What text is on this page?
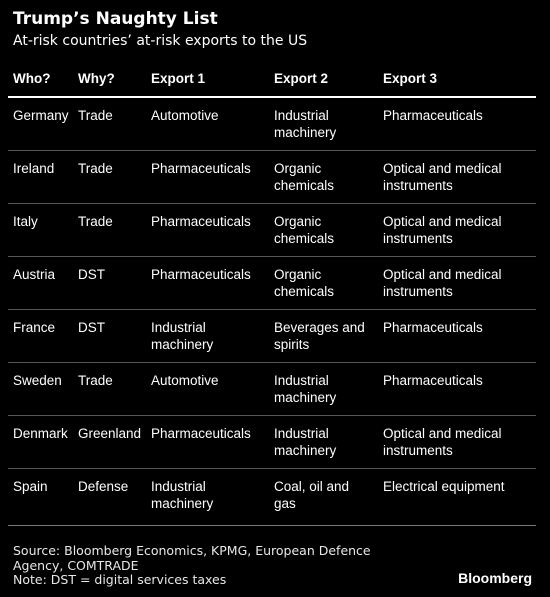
Trump’s Naughty List
At-risk countries’ at-risk exports to the US
Who?	Why?	Export 1	Export 2	Export 3
Germany	Trade	Automotive	Industrial machinery	Pharmaceuticals
Ireland	Trade	Pharmaceuticals	Organic chemicals	Optical and medical instruments
Italy	Trade	Pharmaceuticals	Organic chemicals	Optical and medical instruments
Austria	DST	Pharmaceuticals	Organic chemicals	Optical and medical instruments
France	DST	Industrial machinery	Beverages and spirits	Pharmaceuticals
Sweden	Trade	Automotive	Industrial machinery	Pharmaceuticals
Denmark	Greenland	Pharmaceuticals	Industrial machinery	Optical and medical instruments
Spain	Defense	Industrial machinery	Coal, oil and gas	Electrical equipment
Source: Bloomberg Economics, KPMG, European Defence Agency, COMTRADE
Note: DST = digital services taxes	Bloomberg
